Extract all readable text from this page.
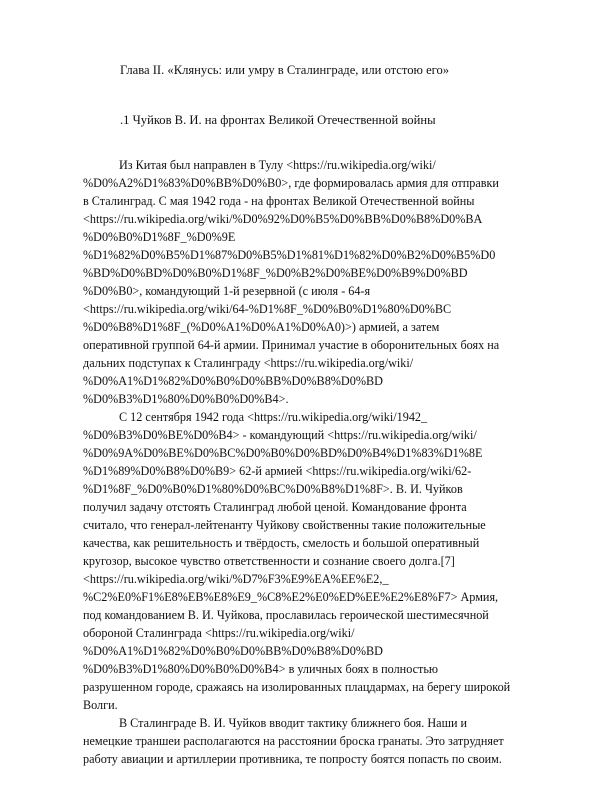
Глава II. «Клянусь: или умру в Сталинграде, или отстою его»
.1 Чуйков В. И. на фронтах Великой Отечественной войны
Из Китая был направлен в Тулу <https://ru.wikipedia.org/wiki/
%D0%A2%D1%83%D0%BB%D0%B0>, где формировалась армия для отправки
в Сталинград. С мая 1942 года - на фронтах Великой Отечественной войны
<https://ru.wikipedia.org/wiki/%D0%92%D0%B5%D0%BB%D0%B8%D0%BA
%D0%B0%D1%8F_%D0%9E
%D1%82%D0%B5%D1%87%D0%B5%D1%81%D1%82%D0%B2%D0%B5%D0
%BD%D0%BD%D0%B0%D1%8F_%D0%B2%D0%BE%D0%B9%D0%BD
%D0%B0>, командующий 1-й резервной (с июля - 64-я
<https://ru.wikipedia.org/wiki/64-%D1%8F_%D0%B0%D1%80%D0%BC
%D0%B8%D1%8F_(%D0%A1%D0%A1%D0%A0)>) армией, а затем
оперативной группой 64-й армии. Принимал участие в оборонительных боях на
дальних подступах к Сталинграду <https://ru.wikipedia.org/wiki/
%D0%A1%D1%82%D0%B0%D0%BB%D0%B8%D0%BD
%D0%B3%D1%80%D0%B0%D0%B4>.
С 12 сентября 1942 года <https://ru.wikipedia.org/wiki/1942_
%D0%B3%D0%BE%D0%B4> - командующий <https://ru.wikipedia.org/wiki/
%D0%9A%D0%BE%D0%BC%D0%B0%D0%BD%D0%B4%D1%83%D1%8E
%D1%89%D0%B8%D0%B9> 62-й армией <https://ru.wikipedia.org/wiki/62-
%D1%8F_%D0%B0%D1%80%D0%BC%D0%B8%D1%8F>. В. И. Чуйков
получил задачу отстоять Сталинград любой ценой. Командование фронта
считало, что генерал-лейтенанту Чуйкову свойственны такие положительные
качества, как решительность и твёрдость, смелость и большой оперативный
кругозор, высокое чувство ответственности и сознание своего долга.[7]
<https://ru.wikipedia.org/wiki/%D7%F3%E9%EA%EE%E2,_
%C2%E0%F1%E8%EB%E8%E9_%C8%E2%E0%ED%EE%E2%E8%F7> Армия,
под командованием В. И. Чуйкова, прославилась героической шестимесячной
обороной Сталинграда <https://ru.wikipedia.org/wiki/
%D0%A1%D1%82%D0%B0%D0%BB%D0%B8%D0%BD
%D0%B3%D1%80%D0%B0%D0%B4> в уличных боях в полностью
разрушенном городе, сражаясь на изолированных плацдармах, на берегу широкой
Волги.
В Сталинграде В. И. Чуйков вводит тактику ближнего боя. Наши и
немецкие траншеи располагаются на расстоянии броска гранаты. Это затрудняет
работу авиации и артиллерии противника, те попросту боятся попасть по своим.
